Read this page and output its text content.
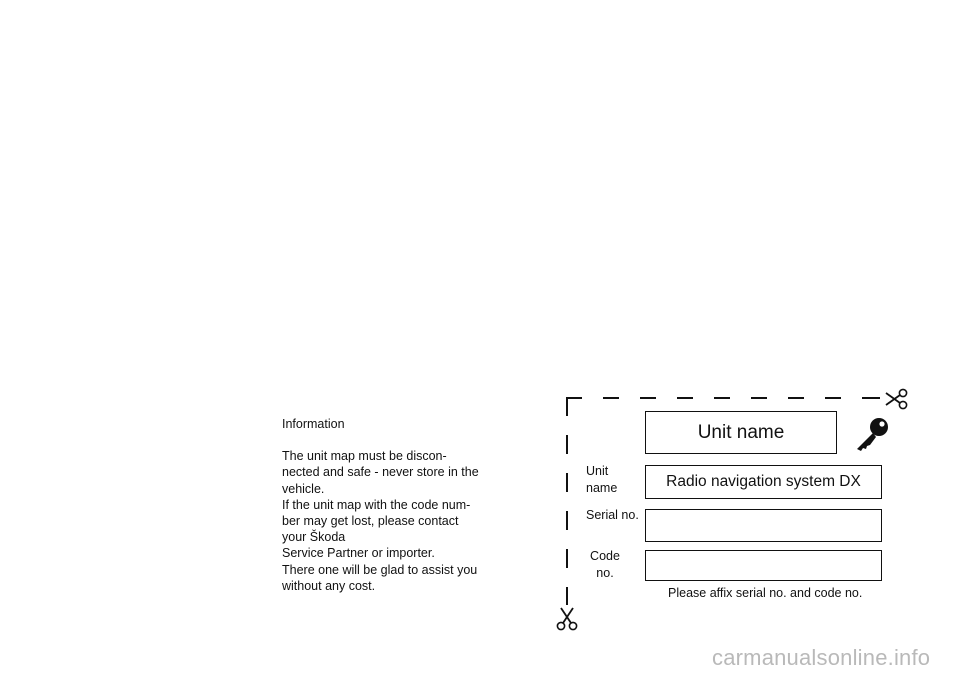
Information
The unit map must be discon-
nected and safe - never store in the
vehicle.
If the unit map with the code num-
ber may get lost, please contact
your Škoda
Service Partner or importer.
There one will be glad to assist you
without any cost.
Unit name
Unit
name	Radio navigation system DX
Serial no.
Code
no.
Please affix serial no. and code no.
carmanualsonline.info
